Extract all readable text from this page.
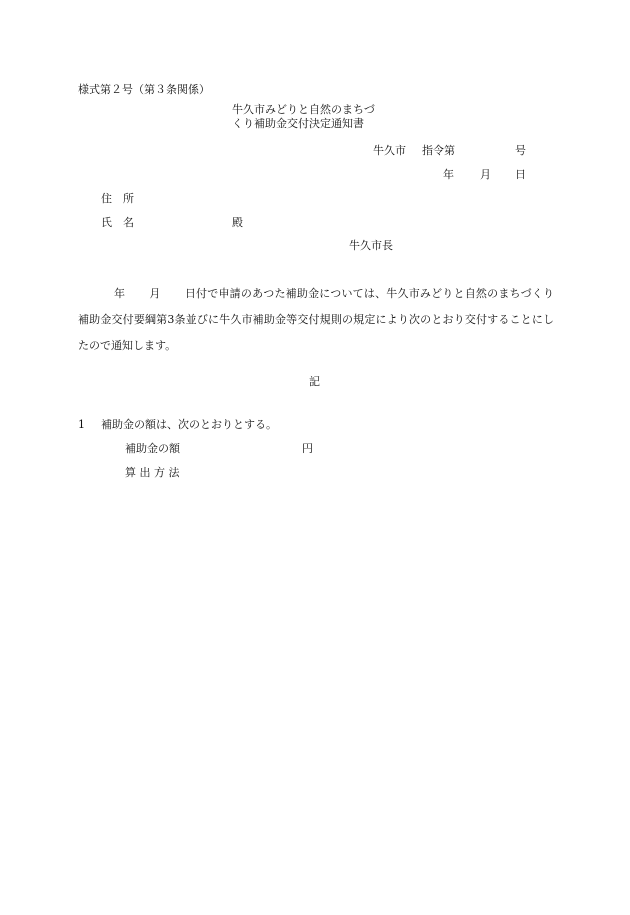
様式第２号（第３条関係）

牛久市みどりと自然のまちづ
くり補助金交付決定通知書
牛久市 指令第	号
年 月 日
住　所
氏　名	殿
牛久市長

年 月 日付で申請のあつた補助金については、牛久市みどりと自然のまちづくり補助金交付要綱第3条並びに牛久市補助金等交付規則の規定により次のとおり交付することにしたので通知します。

記
1 補助金の額は、次のとおりとする。
補助金の額	円
算 出 方 法
